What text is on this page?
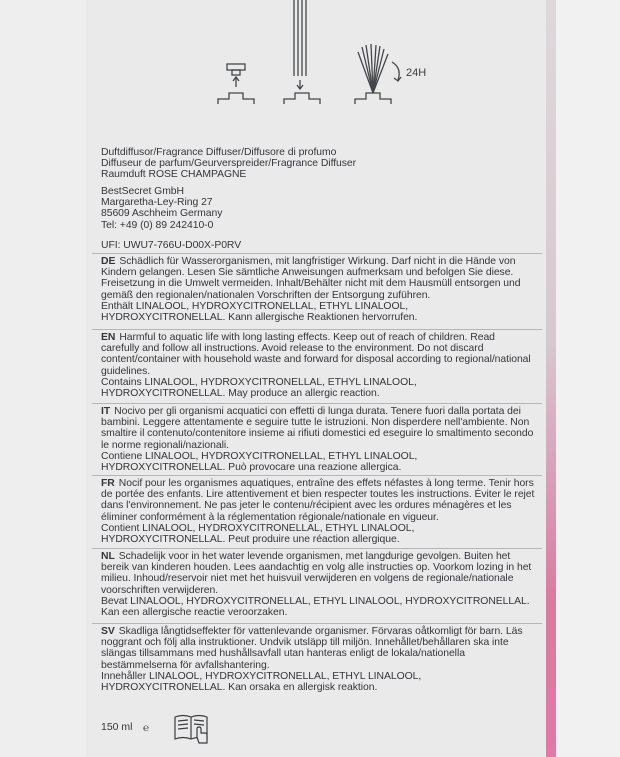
24H
Duftdiffusor/Fragrance Diffuser/Diffusore di profumo
Diffuseur de parfum/Geurverspreider/Fragrance Diffuser
Raumduft ROSE CHAMPAGNE
BestSecret GmbH
Margaretha-Ley-Ring 27
85609 Aschheim Germany
Tel: +49 (0) 89 242410-0
UFI: UWU7-766U-D00X-P0RV
DE Schädlich für Wasserorganismen, mit langfristiger Wirkung. Darf nicht in die Hände von
Kindern gelangen. Lesen Sie sämtliche Anweisungen aufmerksam und befolgen Sie diese.
Freisetzung in die Umwelt vermeiden. Inhalt/Behälter nicht mit dem Hausmüll entsorgen und
gemäß den regionalen/nationalen Vorschriften der Entsorgung zuführen.
Enthält LINALOOL, HYDROXYCITRONELLAL, ETHYL LINALOOL,
HYDROXYCITRONELLAL. Kann allergische Reaktionen hervorrufen.
EN Harmful to aquatic life with long lasting effects. Keep out of reach of children. Read
carefully and follow all instructions. Avoid release to the environment. Do not discard
content/container with household waste and forward for disposal according to regional/national
guidelines.
Contains LINALOOL, HYDROXYCITRONELLAL, ETHYL LINALOOL,
HYDROXYCITRONELLAL. May produce an allergic reaction.
IT Nocivo per gli organismi acquatici con effetti di lunga durata. Tenere fuori dalla portata dei
bambini. Leggere attentamente e seguire tutte le istruzioni. Non disperdere nell'ambiente. Non
smaltire il contenuto/contenitore insieme ai rifiuti domestici ed eseguire lo smaltimento secondo
le norme regionali/nazionali.
Contiene LINALOOL, HYDROXYCITRONELLAL, ETHYL LINALOOL,
HYDROXYCITRONELLAL. Può provocare una reazione allergica.
FR Nocif pour les organismes aquatiques, entraîne des effets néfastes à long terme. Tenir hors
de portée des enfants. Lire attentivement et bien respecter toutes les instructions. Éviter le rejet
dans l'environnement. Ne pas jeter le contenu/récipient avec les ordures ménagères et les
éliminer conformément à la réglementation régionale/nationale en vigueur.
Contient LINALOOL, HYDROXYCITRONELLAL, ETHYL LINALOOL,
HYDROXYCITRONELLAL. Peut produire une réaction allergique.
NL Schadelijk voor in het water levende organismen, met langdurige gevolgen. Buiten het
bereik van kinderen houden. Lees aandachtig en volg alle instructies op. Voorkom lozing in het
milieu. Inhoud/reservoir niet met het huisvuil verwijderen en volgens de regionale/nationale
voorschriften verwijderen.
Bevat LINALOOL, HYDROXYCITRONELLAL, ETHYL LINALOOL, HYDROXYCITRONELLAL.
Kan een allergische reactie veroorzaken.
SV Skadliga långtidseffekter för vattenlevande organismer. Förvaras oåtkomligt för barn. Läs
noggrant och följ alla instruktioner. Undvik utsläpp till miljön. Innehållet/behållaren ska inte
slängas tillsammans med hushållsavfall utan hanteras enligt de lokala/nationella
bestämmelserna för avfallshantering.
Innehåller LINALOOL, HYDROXYCITRONELLAL, ETHYL LINALOOL,
HYDROXYCITRONELLAL. Kan orsaka en allergisk reaktion.
150 ml ℮
